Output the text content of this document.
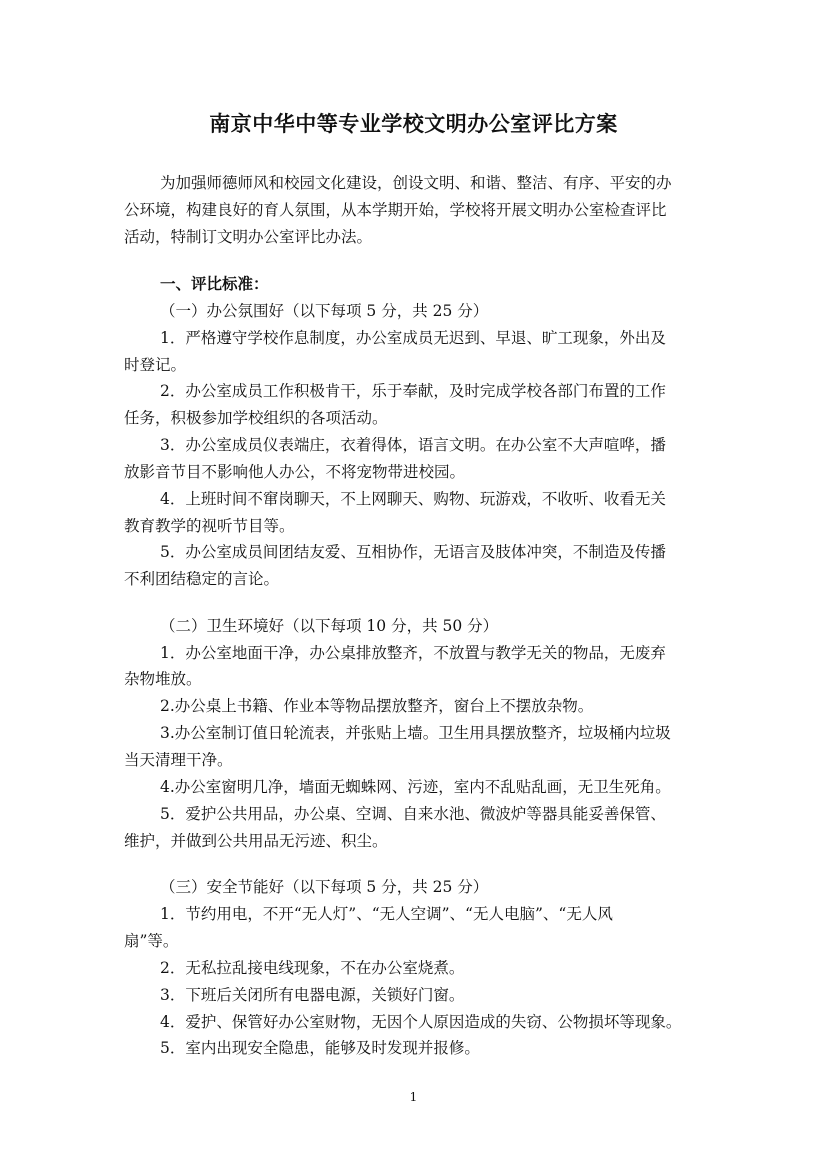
南京中华中等专业学校文明办公室评比方案
为加强师德师风和校园文化建设，创设文明、和谐、整洁、有序、平安的办
公环境，构建良好的育人氛围，从本学期开始，学校将开展文明办公室检查评比
活动，特制订文明办公室评比办法。
一、评比标准：
（一）办公氛围好（以下每项 5 分，共 25 分）
1．严格遵守学校作息制度，办公室成员无迟到、早退、旷工现象，外出及
时登记。
2．办公室成员工作积极肯干，乐于奉献，及时完成学校各部门布置的工作
任务，积极参加学校组织的各项活动。
3．办公室成员仪表端庄，衣着得体，语言文明。在办公室不大声喧哗，播
放影音节目不影响他人办公，不将宠物带进校园。
4．上班时间不窜岗聊天，不上网聊天、购物、玩游戏，不收听、收看无关
教育教学的视听节目等。
5．办公室成员间团结友爱、互相协作，无语言及肢体冲突，不制造及传播
不利团结稳定的言论。
（二）卫生环境好（以下每项 10 分，共 50 分）
1．办公室地面干净，办公桌排放整齐，不放置与教学无关的物品，无废弃
杂物堆放。
2.办公桌上书籍、作业本等物品摆放整齐，窗台上不摆放杂物。
3.办公室制订值日轮流表，并张贴上墙。卫生用具摆放整齐，垃圾桶内垃圾
当天清理干净。
4.办公室窗明几净，墙面无蜘蛛网、污迹，室内不乱贴乱画，无卫生死角。
5．爱护公共用品，办公桌、空调、自来水池、微波炉等器具能妥善保管、
维护，并做到公共用品无污迹、积尘。
（三）安全节能好（以下每项 5 分，共 25 分）
1．节约用电，不开“无人灯”、“无人空调”、“无人电脑”、“无人风
扇”等。
2．无私拉乱接电线现象，不在办公室烧煮。
3．下班后关闭所有电器电源，关锁好门窗。
4．爱护、保管好办公室财物，无因个人原因造成的失窃、公物损坏等现象。
5．室内出现安全隐患，能够及时发现并报修。
1
